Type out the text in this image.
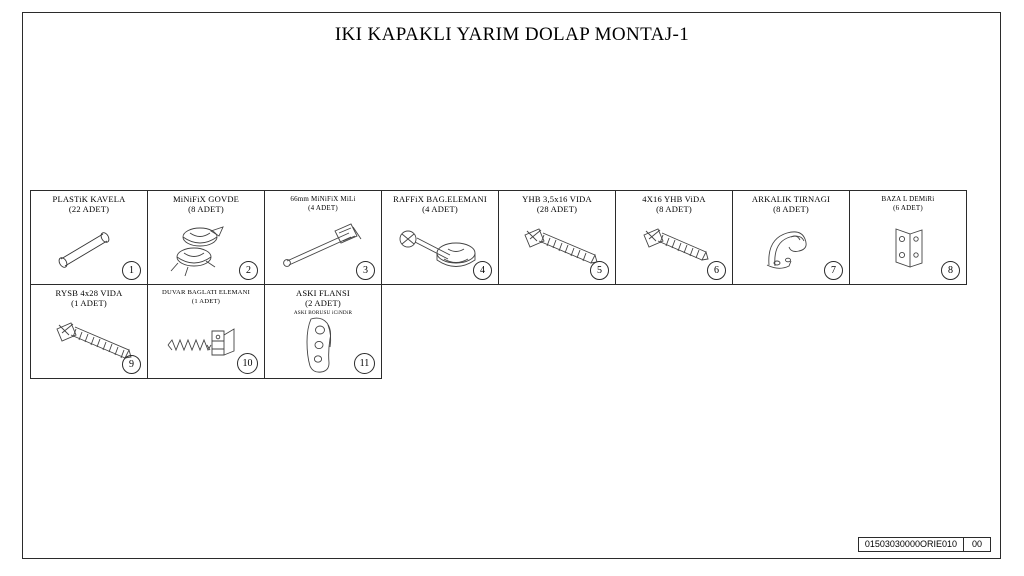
IKI KAPAKLI YARIM DOLAP MONTAJ-1
PLASTiK KAVELA
(22 ADET)
1
MiNiFiX GOVDE
(8 ADET)
2
66mm MiNiFiX MiLi
(4 ADET)
3
RAFFiX BAG.ELEMANI
(4 ADET)
4
YHB 3,5x16 VIDA
(28 ADET)
5
4X16 YHB ViDA
(8 ADET)
6
ARKALIK TIRNAGI
(8 ADET)
7
BAZA L DEMiRi
(6 ADET)
8
RYSB 4x28 VIDA
(1 ADET)
9
DUVAR BAGLATI ELEMANI
(1 ADET)
10
ASKI FLANSI
(2 ADET)
ASKI BORUSU iCiNDiR
11
01503030000ORIE010	00
